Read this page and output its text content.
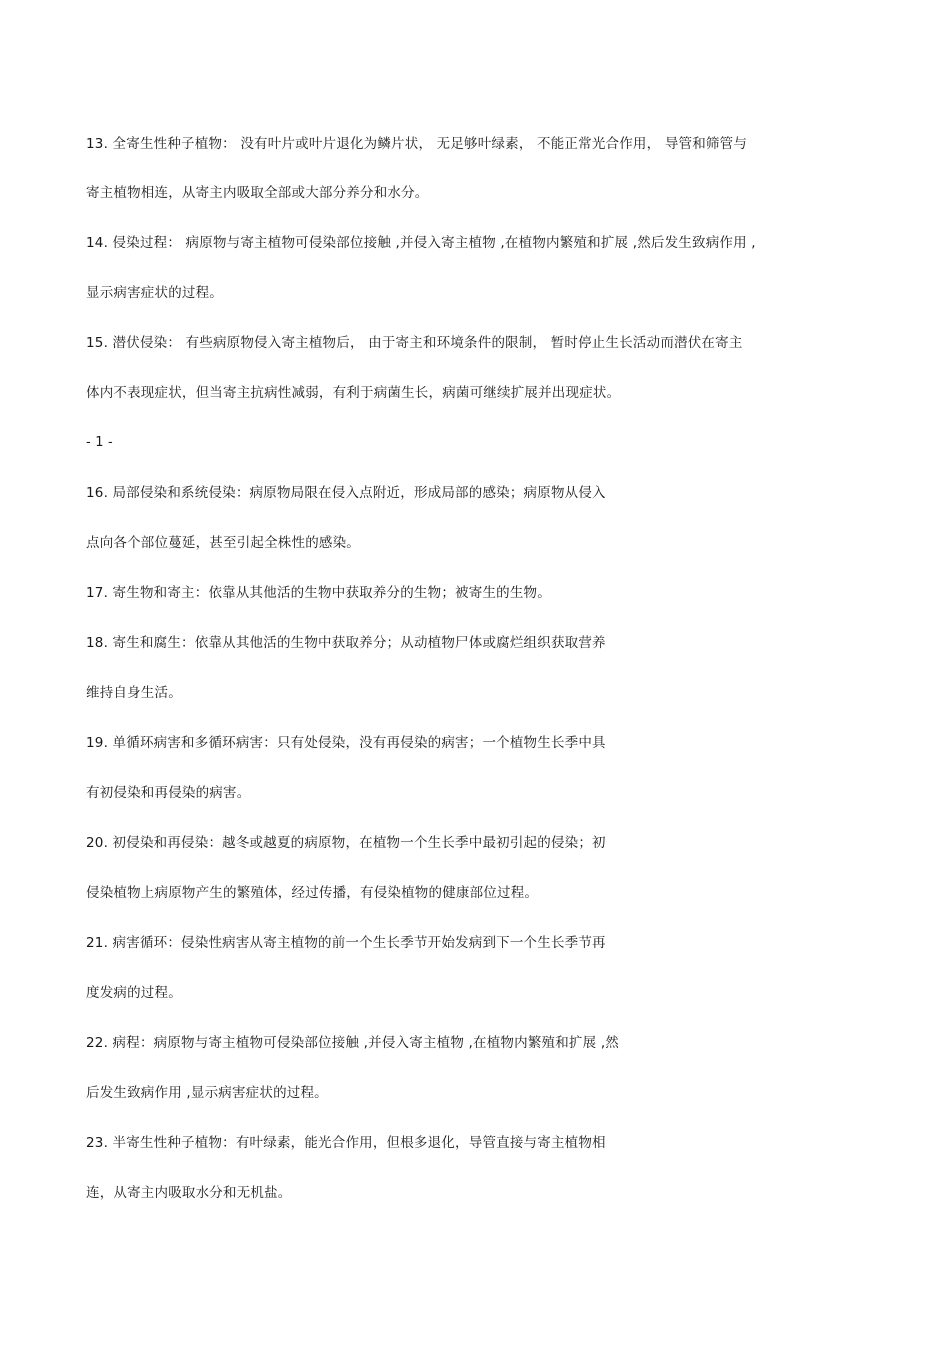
13. 全寄生性种子植物： 没有叶片或叶片退化为鳞片状， 无足够叶绿素， 不能正常光合作用， 导管和筛管与
寄主植物相连，从寄主内吸取全部或大部分养分和水分。
14. 侵染过程： 病原物与寄主植物可侵染部位接触 ,并侵入寄主植物 ,在植物内繁殖和扩展 ,然后发生致病作用 ,
显示病害症状的过程。
15. 潜伏侵染： 有些病原物侵入寄主植物后， 由于寄主和环境条件的限制， 暂时停止生长活动而潜伏在寄主
体内不表现症状，但当寄主抗病性减弱，有利于病菌生长，病菌可继续扩展并出现症状。
- 1 -
16. 局部侵染和系统侵染：病原物局限在侵入点附近，形成局部的感染；病原物从侵入
点向各个部位蔓延，甚至引起全株性的感染。
17. 寄生物和寄主：依靠从其他活的生物中获取养分的生物；被寄生的生物。
18. 寄生和腐生：依靠从其他活的生物中获取养分；从动植物尸体或腐烂组织获取营养
维持自身生活。
19. 单循环病害和多循环病害：只有处侵染，没有再侵染的病害；一个植物生长季中具
有初侵染和再侵染的病害。
20. 初侵染和再侵染：越冬或越夏的病原物，在植物一个生长季中最初引起的侵染；初
侵染植物上病原物产生的繁殖体，经过传播，有侵染植物的健康部位过程。
21. 病害循环：侵染性病害从寄主植物的前一个生长季节开始发病到下一个生长季节再
度发病的过程。
22. 病程：病原物与寄主植物可侵染部位接触 ,并侵入寄主植物 ,在植物内繁殖和扩展 ,然
后发生致病作用 ,显示病害症状的过程。
23. 半寄生性种子植物：有叶绿素，能光合作用，但根多退化，导管直接与寄主植物相
连，从寄主内吸取水分和无机盐。
